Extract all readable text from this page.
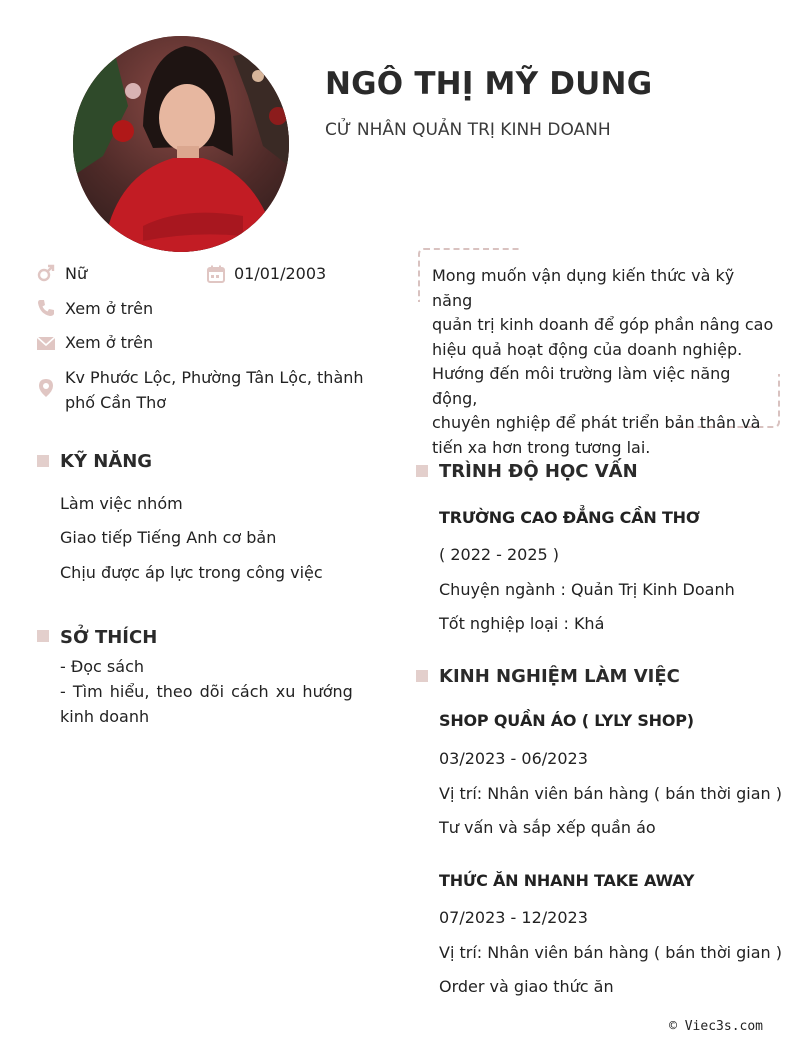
NGÔ THỊ MỸ DUNG
CỬ NHÂN QUẢN TRỊ KINH DOANH
Nữ	01/01/2003
Xem ở trên
Xem ở trên
Kv Phước Lộc, Phường Tân Lộc, thành
phố Cần Thơ
Mong muốn vận dụng kiến thức và kỹ năng
quản trị kinh doanh để góp phần nâng cao
hiệu quả hoạt động của doanh nghiệp.
Hướng đến môi trường làm việc năng động,
chuyên nghiệp để phát triển bản thân và
tiến xa hơn trong tương lai.
KỸ NĂNG
Làm việc nhóm
Giao tiếp Tiếng Anh cơ bản
Chịu được áp lực trong công việc
SỞ THÍCH
- Đọc sách
- Tìm hiểu, theo dõi cách xu hướng
kinh doanh
TRÌNH ĐỘ HỌC VẤN
TRƯỜNG CAO ĐẲNG CẦN THƠ
( 2022 - 2025 )
Chuyện ngành : Quản Trị Kinh Doanh
Tốt nghiệp loại : Khá
KINH NGHIỆM LÀM VIỆC
SHOP QUẦN ÁO ( LYLY SHOP)
03/2023 - 06/2023
Vị trí: Nhân viên bán hàng ( bán thời gian )
Tư vấn và sắp xếp quần áo
THỨC ĂN NHANH TAKE AWAY
07/2023 - 12/2023
Vị trí: Nhân viên bán hàng ( bán thời gian )
Order và giao thức ăn
© Viec3s.com
